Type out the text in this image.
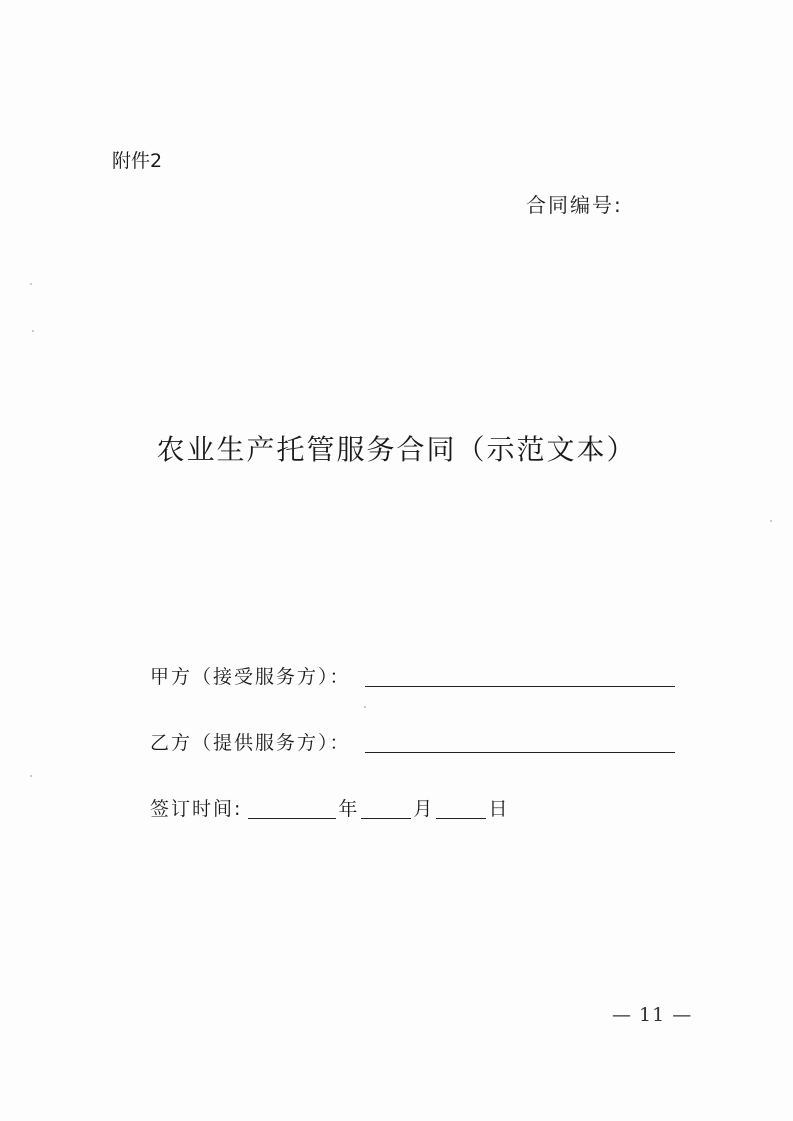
附件2
合同编号:
农业生产托管服务合同（示范文本）
甲方（接受服务方）：
乙方（提供服务方）：
签订时间:	年	月	日
— 11 —
